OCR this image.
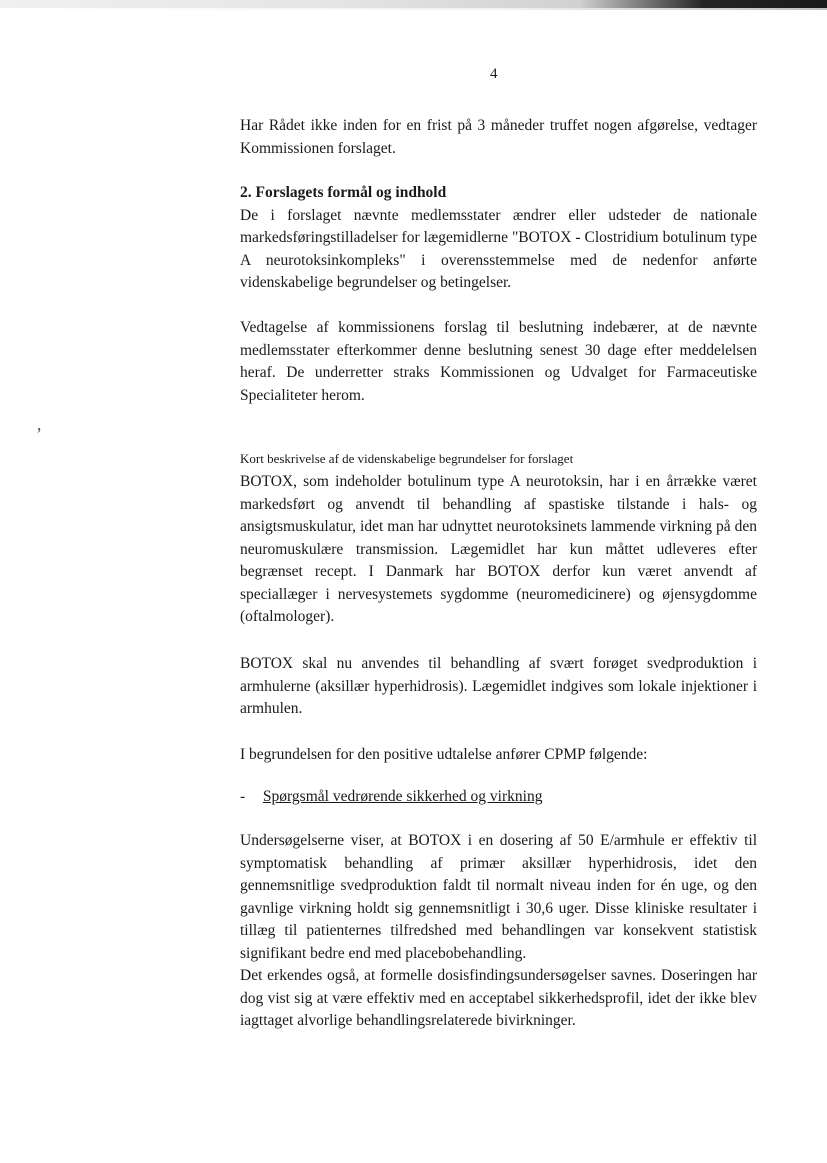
‚
4

Har Rådet ikke inden for en frist på 3 måneder truffet nogen afgørelse, vedtager Kommissionen forslaget.

2. Forslagets formål og indhold

De i forslaget nævnte medlemsstater ændrer eller udsteder de nationale markedsføringstilladelser for lægemidlerne "BOTOX - Clostridium botulinum type A neurotoksinkompleks" i overensstemmelse med de nedenfor anførte videnskabelige begrundelser og betingelser.

Vedtagelse af kommissionens forslag til beslutning indebærer, at de nævnte medlemsstater efterkommer denne beslutning senest 30 dage efter meddelelsen heraf. De underretter straks Kommissionen og Udvalget for Farmaceutiske Specialiteter herom.

Kort beskrivelse af de videnskabelige begrundelser for forslaget

BOTOX, som indeholder botulinum type A neurotoksin, har i en årrække været markedsført og anvendt til behandling af spastiske tilstande i hals- og ansigtsmuskulatur, idet man har udnyttet neurotoksinets lammende virkning på den neuromuskulære transmission. Lægemidlet har kun måttet udleveres efter begrænset recept. I Danmark har BOTOX derfor kun været anvendt af speciallæger i nervesystemets sygdomme (neuromedicinere) og øjensygdomme (oftalmologer).

BOTOX skal nu anvendes til behandling af svært forøget svedproduktion i armhulerne (aksillær hyperhidrosis). Lægemidlet indgives som lokale injektioner i armhulen.

I begrundelsen for den positive udtalelse anfører CPMP følgende:

- Spørgsmål vedrørende sikkerhed og virkning

Undersøgelserne viser, at BOTOX i en dosering af 50 E/armhule er effektiv til symptomatisk behandling af primær aksillær hyperhidrosis, idet den gennemsnitlige svedproduktion faldt til normalt niveau inden for én uge, og den gavnlige virkning holdt sig gennemsnitligt i 30,6 uger. Disse kliniske resultater i tillæg til patienternes tilfredshed med behandlingen var konsekvent statistisk signifikant bedre end med placebobehandling.

Det erkendes også, at formelle dosisfindingsundersøgelser savnes. Doseringen har dog vist sig at være effektiv med en acceptabel sikkerhedsprofil, idet der ikke blev iagttaget alvorlige behandlingsrelaterede bivirkninger.
